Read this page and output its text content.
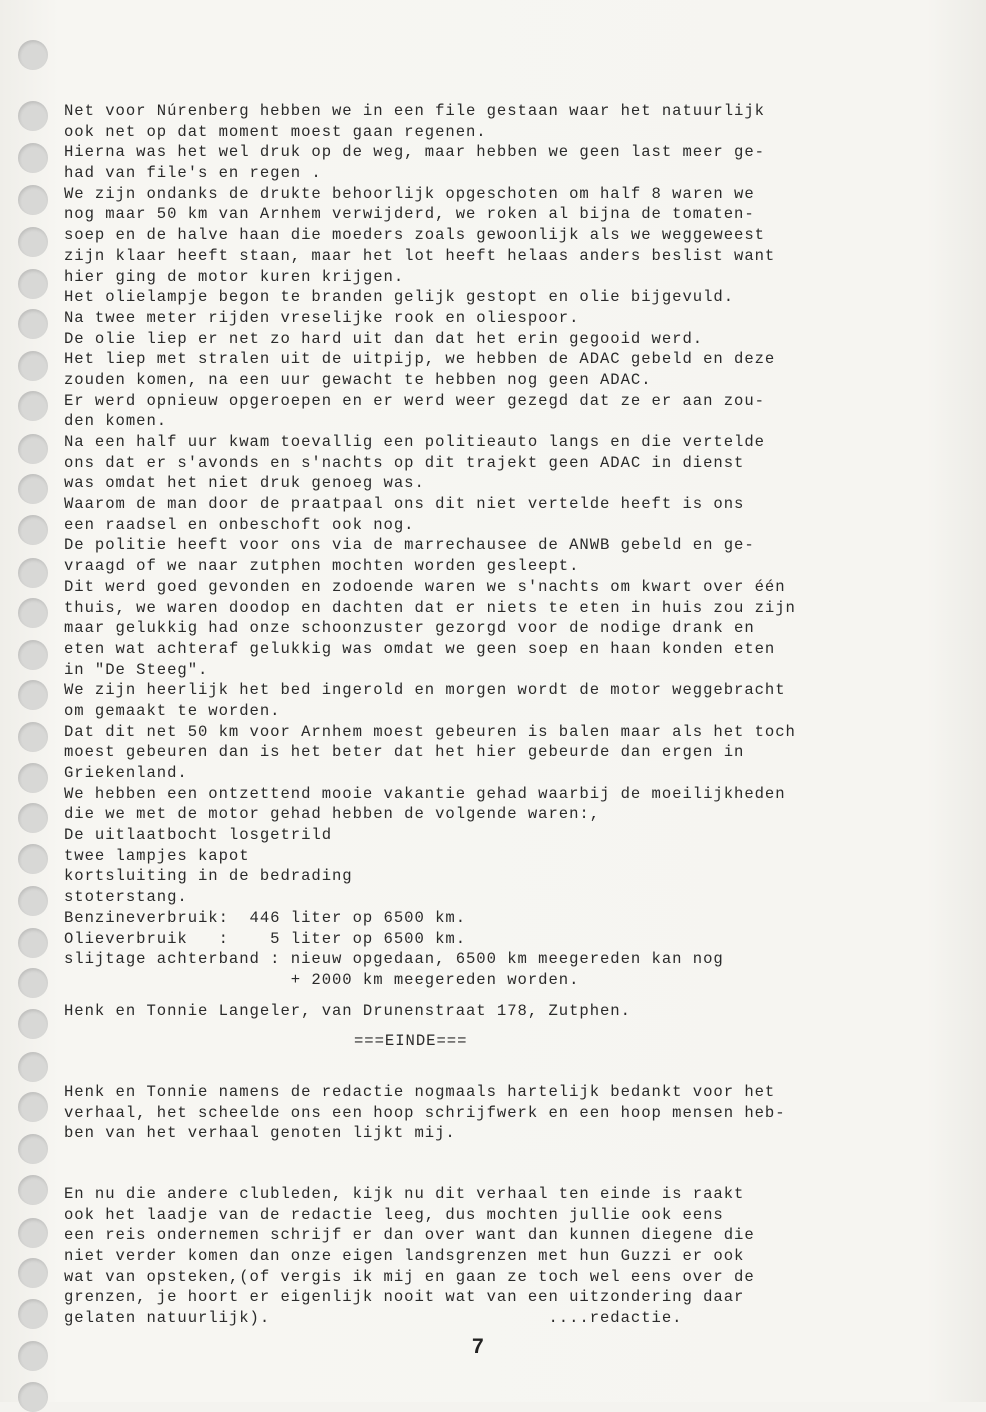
Net voor Núrenberg hebben we in een file gestaan waar het natuurlijk
ook net op dat moment moest gaan regenen.
Hierna was het wel druk op de weg, maar hebben we geen last meer ge-
had van file's en regen .
We zijn ondanks de drukte behoorlijk opgeschoten om half 8 waren we
nog maar 50 km van Arnhem verwijderd, we roken al bijna de tomaten-
soep en de halve haan die moeders zoals gewoonlijk als we weggeweest
zijn klaar heeft staan, maar het lot heeft helaas anders beslist want
hier ging de motor kuren krijgen.
Het olielampje begon te branden gelijk gestopt en olie bijgevuld.
Na twee meter rijden vreselijke rook en oliespoor.
De olie liep er net zo hard uit dan dat het erin gegooid werd.
Het liep met stralen uit de uitpijp, we hebben de ADAC gebeld en deze
zouden komen, na een uur gewacht te hebben nog geen ADAC.
Er werd opnieuw opgeroepen en er werd weer gezegd dat ze er aan zou-
den komen.
Na een half uur kwam toevallig een politieauto langs en die vertelde
ons dat er s'avonds en s'nachts op dit trajekt geen ADAC in dienst
was omdat het niet druk genoeg was.
Waarom de man door de praatpaal ons dit niet vertelde heeft is ons
een raadsel en onbeschoft ook nog.
De politie heeft voor ons via de marrechausee de ANWB gebeld en ge-
vraagd of we naar zutphen mochten worden gesleept.
Dit werd goed gevonden en zodoende waren we s'nachts om kwart over één
thuis, we waren doodop en dachten dat er niets te eten in huis zou zijn
maar gelukkig had onze schoonzuster gezorgd voor de nodige drank en
eten wat achteraf gelukkig was omdat we geen soep en haan konden eten
in "De Steeg".
We zijn heerlijk het bed ingerold en morgen wordt de motor weggebracht
om gemaakt te worden.
Dat dit net 50 km voor Arnhem moest gebeuren is balen maar als het toch
moest gebeuren dan is het beter dat het hier gebeurde dan ergen in
Griekenland.
We hebben een ontzettend mooie vakantie gehad waarbij de moeilijkheden
die we met de motor gehad hebben de volgende waren:,
De uitlaatbocht losgetrild
twee lampjes kapot
kortsluiting in de bedrading
stoterstang.
Benzineverbruik:  446 liter op 6500 km.
Olieverbruik   :    5 liter op 6500 km.
slijtage achterband : nieuw opgedaan, 6500 km meegereden kan nog
+ 2000 km meegereden worden.
Henk en Tonnie Langeler, van Drunenstraat 178, Zutphen.
===EINDE===
Henk en Tonnie namens de redactie nogmaals hartelijk bedankt voor het
verhaal, het scheelde ons een hoop schrijfwerk en een hoop mensen heb-
ben van het verhaal genoten lijkt mij.
En nu die andere clubleden, kijk nu dit verhaal ten einde is raakt
ook het laadje van de redactie leeg, dus mochten jullie ook eens
een reis ondernemen schrijf er dan over want dan kunnen diegene die
niet verder komen dan onze eigen landsgrenzen met hun Guzzi er ook
wat van opsteken,(of vergis ik mij en gaan ze toch wel eens over de
grenzen, je hoort er eigenlijk nooit wat van een uitzondering daar
gelaten natuurlijk).                           ....redactie.
7
